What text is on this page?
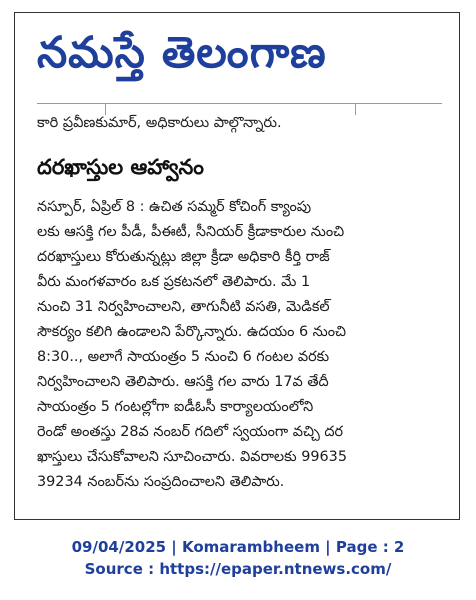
నమస్తే తెలంగాణ
కారి ప్రవీణకుమార్, అధికారులు పాల్గొన్నారు.
దరఖాస్తుల ఆహ్వానం
నస్పూర్, ఏప్రిల్ 8 : ఉచిత సమ్మర్ కోచింగ్ క్యాంపు
లకు ఆసక్తి గల పీడీ, పీఈటీ, సీనియర్ క్రీడాకారుల నుంచి
దరఖాస్తులు కోరుతున్నట్లు జిల్లా క్రీడా అధికారి కీర్తి రాజ్
వీరు మంగళవారం ఒక ప్రకటనలో తెలిపారు. మే 1
నుంచి 31 నిర్వహించాలని, తాగునీటి వసతి, మెడికల్
సౌకర్యం కలిగి ఉండాలని పేర్కొన్నారు. ఉదయం 6 నుంచి
8:30.., అలాగే సాయంత్రం 5 నుంచి 6 గంటల వరకు
నిర్వహించాలని తెలిపారు. ఆసక్తి గల వారు 17వ తేదీ
సాయంత్రం 5 గంటల్లోగా ఐడీఓసీ కార్యాలయంలోని
రెండో అంతస్తు 28వ నంబర్ గదిలో స్వయంగా వచ్చి దర
ఖాస్తులు చేసుకోవాలని సూచించారు. వివరాలకు 99635
39234 నంబర్‌ను సంప్రదించాలని తెలిపారు.
09/04/2025 | Komarambheem | Page : 2
Source : https://epaper.ntnews.com/
